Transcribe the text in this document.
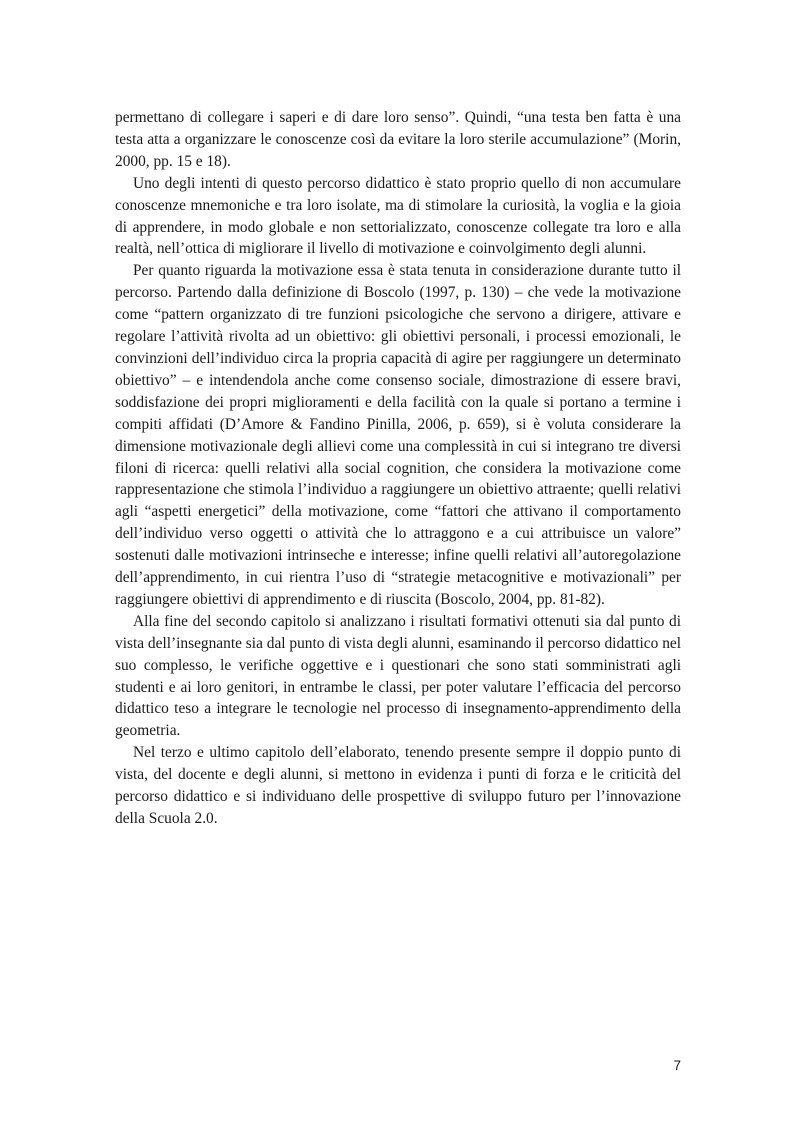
permettano di collegare i saperi e di dare loro senso”. Quindi, “una testa ben fatta è una testa atta a organizzare le conoscenze così da evitare la loro sterile accumulazione” (Morin, 2000, pp. 15 e 18).

Uno degli intenti di questo percorso didattico è stato proprio quello di non accumulare conoscenze mnemoniche e tra loro isolate, ma di stimolare la curiosità, la voglia e la gioia di apprendere, in modo globale e non settorializzato, conoscenze collegate tra loro e alla realtà, nell’ottica di migliorare il livello di motivazione e coinvolgimento degli alunni.

Per quanto riguarda la motivazione essa è stata tenuta in considerazione durante tutto il percorso. Partendo dalla definizione di Boscolo (1997, p. 130) – che vede la motivazione come “pattern organizzato di tre funzioni psicologiche che servono a dirigere, attivare e regolare l’attività rivolta ad un obiettivo: gli obiettivi personali, i processi emozionali, le convinzioni dell’individuo circa la propria capacità di agire per raggiungere un determinato obiettivo” – e intendendola anche come consenso sociale, dimostrazione di essere bravi, soddisfazione dei propri miglioramenti e della facilità con la quale si portano a termine i compiti affidati (D’Amore & Fandino Pinilla, 2006, p. 659), si è voluta considerare la dimensione motivazionale degli allievi come una complessità in cui si integrano tre diversi filoni di ricerca: quelli relativi alla social cognition, che considera la motivazione come rappresentazione che stimola l’individuo a raggiungere un obiettivo attraente; quelli relativi agli “aspetti energetici” della motivazione, come “fattori che attivano il comportamento dell’individuo verso oggetti o attività che lo attraggono e a cui attribuisce un valore” sostenuti dalle motivazioni intrinseche e interesse; infine quelli relativi all’autoregolazione dell’apprendimento, in cui rientra l’uso di “strategie metacognitive e motivazionali” per raggiungere obiettivi di apprendimento e di riuscita (Boscolo, 2004, pp. 81-82).

Alla fine del secondo capitolo si analizzano i risultati formativi ottenuti sia dal punto di vista dell’insegnante sia dal punto di vista degli alunni, esaminando il percorso didattico nel suo complesso, le verifiche oggettive e i questionari che sono stati somministrati agli studenti e ai loro genitori, in entrambe le classi, per poter valutare l’efficacia del percorso didattico teso a integrare le tecnologie nel processo di insegnamento-apprendimento della geometria.

Nel terzo e ultimo capitolo dell’elaborato, tenendo presente sempre il doppio punto di vista, del docente e degli alunni, si mettono in evidenza i punti di forza e le criticità del percorso didattico e si individuano delle prospettive di sviluppo futuro per l’innovazione della Scuola 2.0.

7
